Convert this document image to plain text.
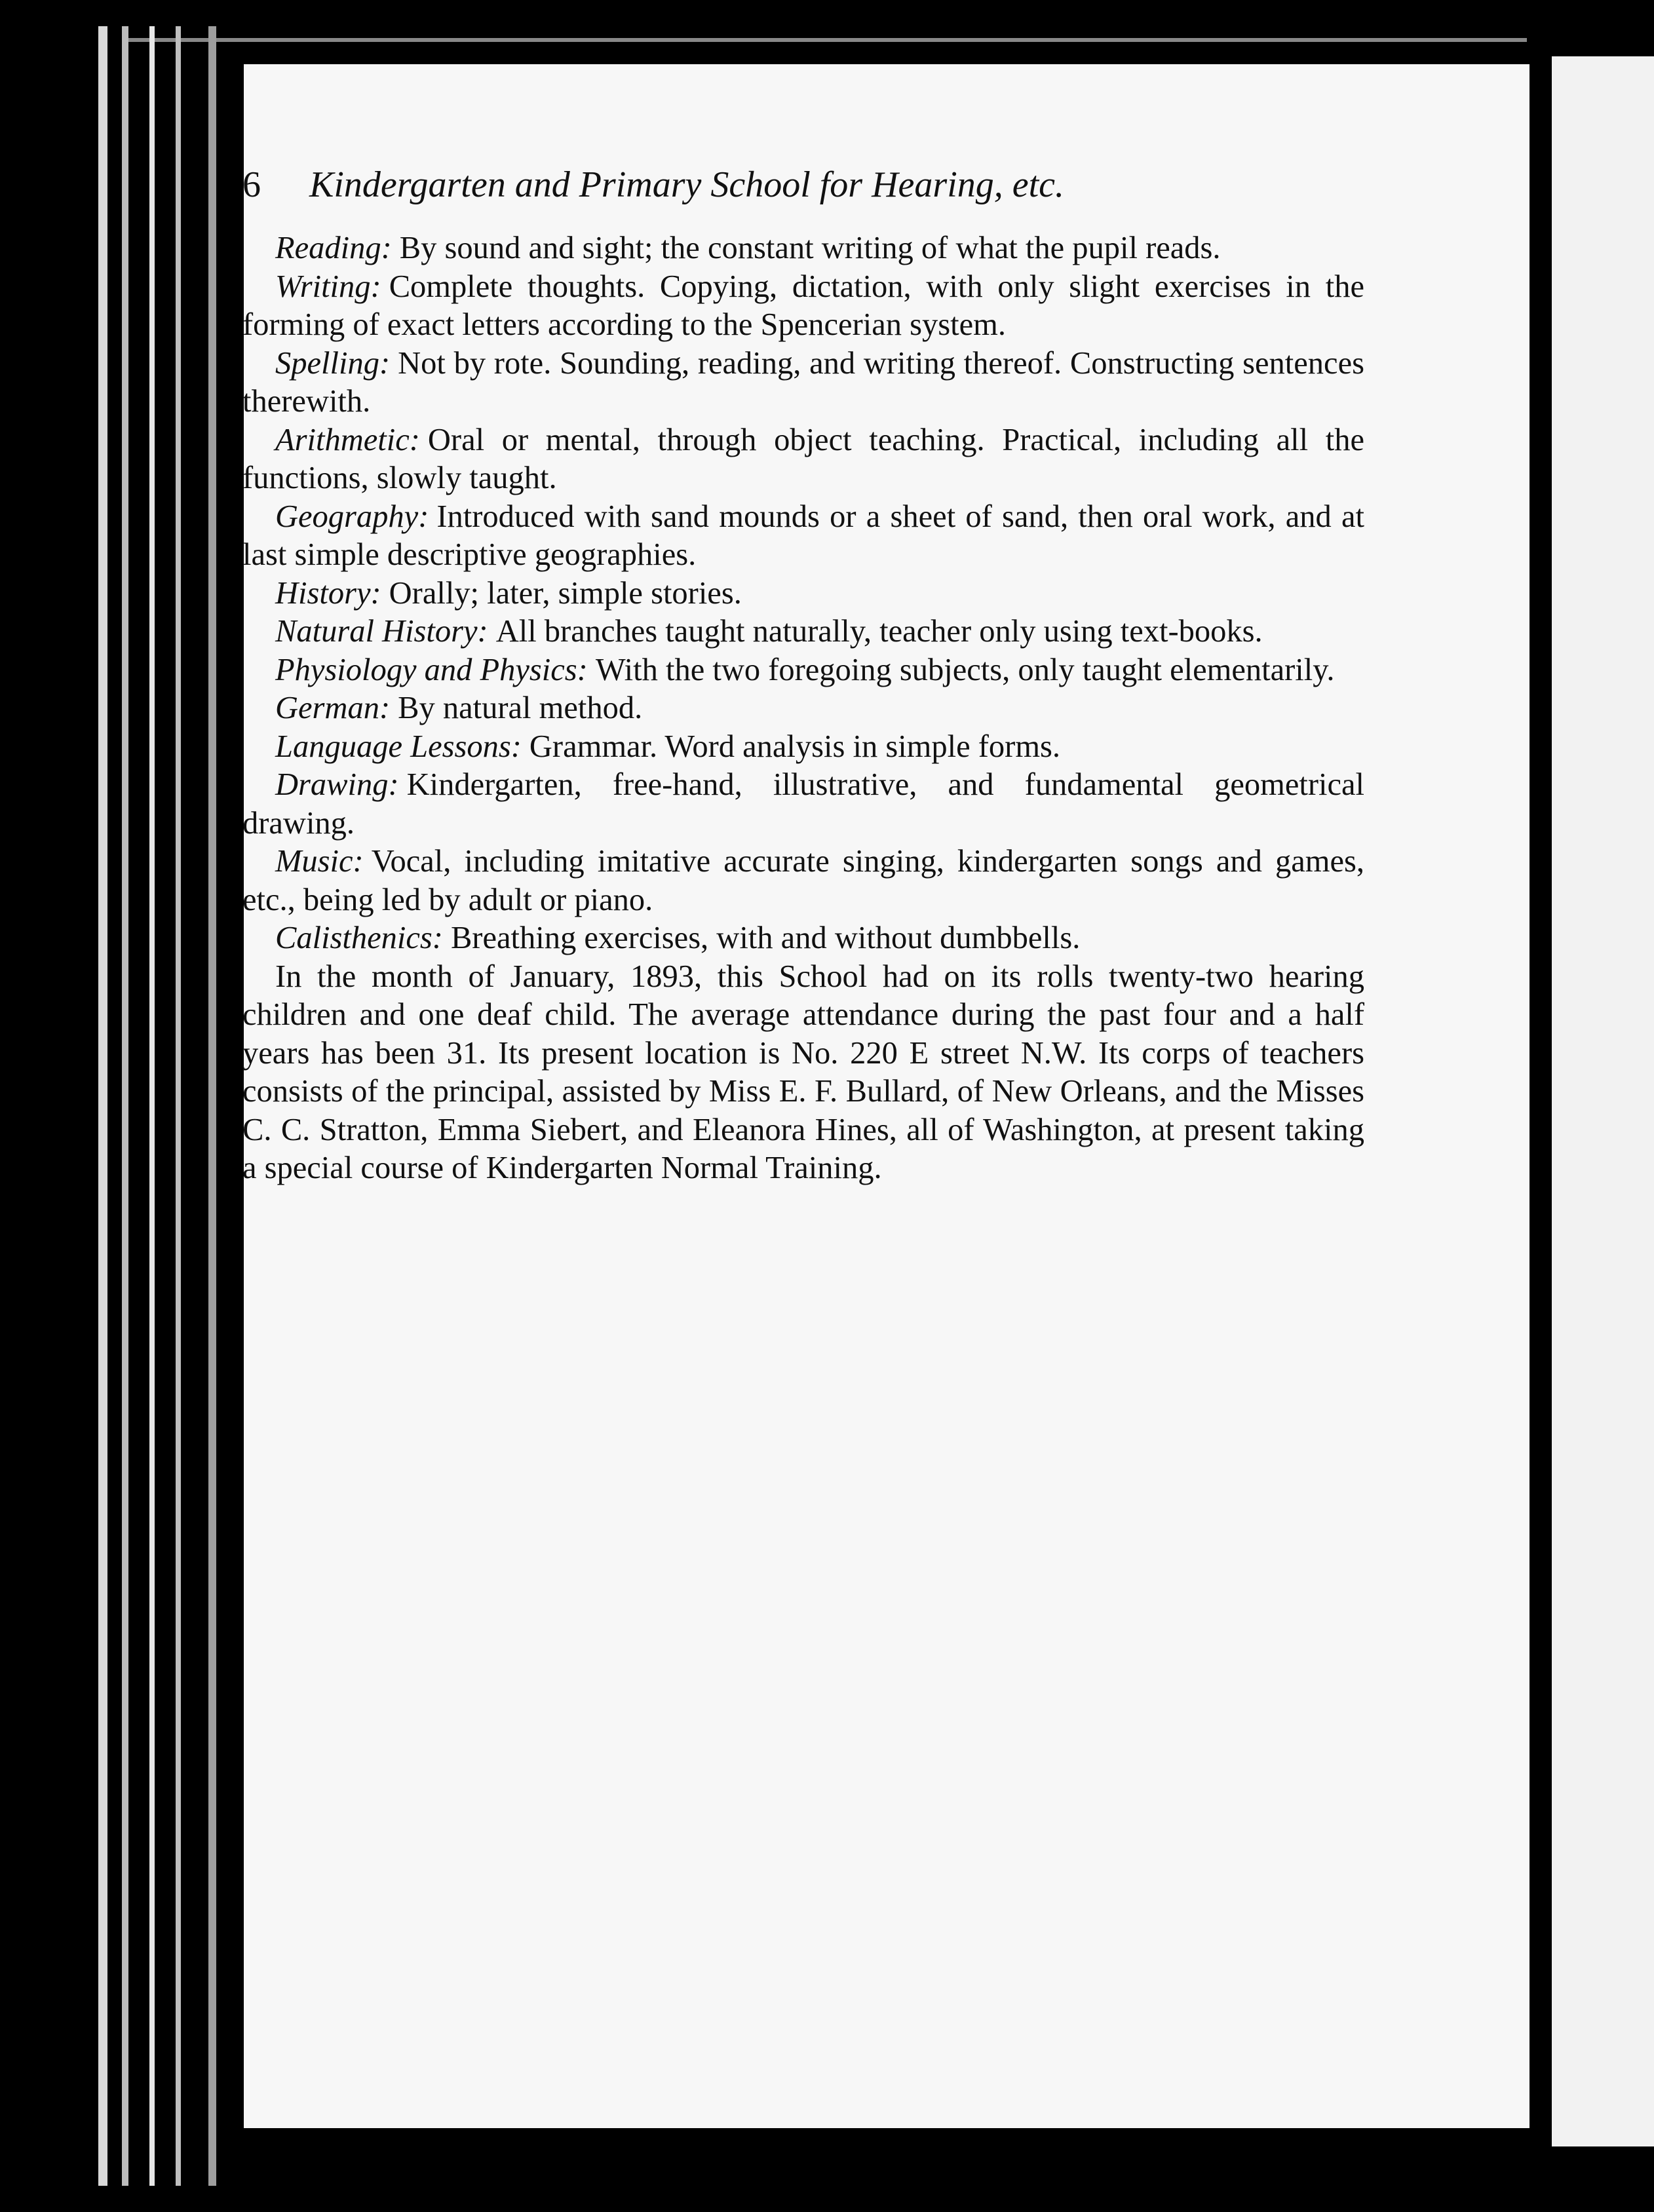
6 Kindergarten and Primary School for Hearing, etc.

Reading: By sound and sight; the constant writing of what the pupil reads.

Writing: Complete thoughts. Copying, dictation, with only slight exercises in the forming of exact letters according to the Spencerian system.

Spelling: Not by rote. Sounding, reading, and writing thereof. Constructing sentences therewith.

Arithmetic: Oral or mental, through object teaching. Practical, including all the functions, slowly taught.

Geography: Introduced with sand mounds or a sheet of sand, then oral work, and at last simple descriptive geographies.

History: Orally; later, simple stories.

Natural History: All branches taught naturally, teacher only using text-books.

Physiology and Physics: With the two foregoing subjects, only taught elementarily.

German: By natural method.

Language Lessons: Grammar. Word analysis in simple forms.

Drawing: Kindergarten, free-hand, illustrative, and fundamental geometrical drawing.

Music: Vocal, including imitative accurate singing, kindergarten songs and games, etc., being led by adult or piano.

Calisthenics: Breathing exercises, with and without dumbbells.

In the month of January, 1893, this School had on its rolls twenty-two hearing children and one deaf child. The average attendance during the past four and a half years has been 31. Its present location is No. 220 E street N.W. Its corps of teachers consists of the principal, assisted by Miss E. F. Bullard, of New Orleans, and the Misses C. C. Stratton, Emma Siebert, and Eleanora Hines, all of Washington, at present taking a special course of Kindergarten Normal Training.
